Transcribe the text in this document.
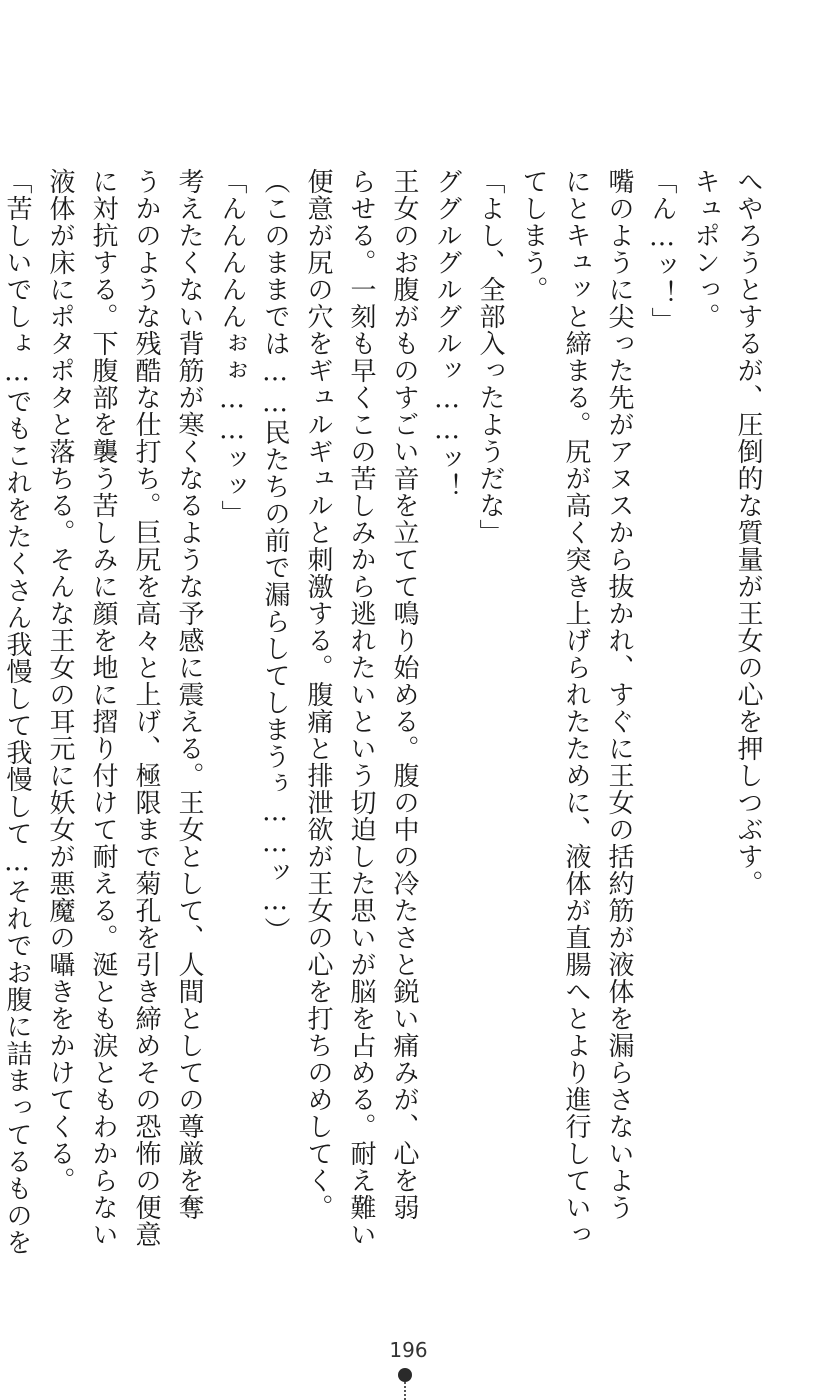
へやろうとするが、圧倒的な質量が王女の心を押しつぶす。
キュポンっ。
「ん…ッ！」
嘴のように尖った先がアヌスから抜かれ、すぐに王女の括約筋が液体を漏らさないよう
にとキュッと締まる。尻が高く突き上げられたために、液体が直腸へとより進行していっ
てしまう。
「よし、全部入ったようだな」
ググルグルグルッ……ッ！
王女のお腹がものすごい音を立てて鳴り始める。腹の中の冷たさと鋭い痛みが、心を弱
らせる。一刻も早くこの苦しみから逃れたいという切迫した思いが脳を占める。耐え難い
便意が尻の穴をギュルギュルと刺激する。腹痛と排泄欲が王女の心を打ちのめしてく。
（このままでは……民たちの前で漏らしてしまうぅ……ッ…）
「んんんんんぉぉ……ッッ」
考えたくない背筋が寒くなるような予感に震える。王女として、人間としての尊厳を奪
うかのような残酷な仕打ち。巨尻を高々と上げ、極限まで菊孔を引き締めその恐怖の便意
に対抗する。下腹部を襲う苦しみに顔を地に摺り付けて耐える。涎とも涙ともわからない
液体が床にポタポタと落ちる。そんな王女の耳元に妖女が悪魔の囁きをかけてくる。
「苦しいでしょ…でもこれをたくさん我慢して我慢して…それでお腹に詰まってるものを
196
